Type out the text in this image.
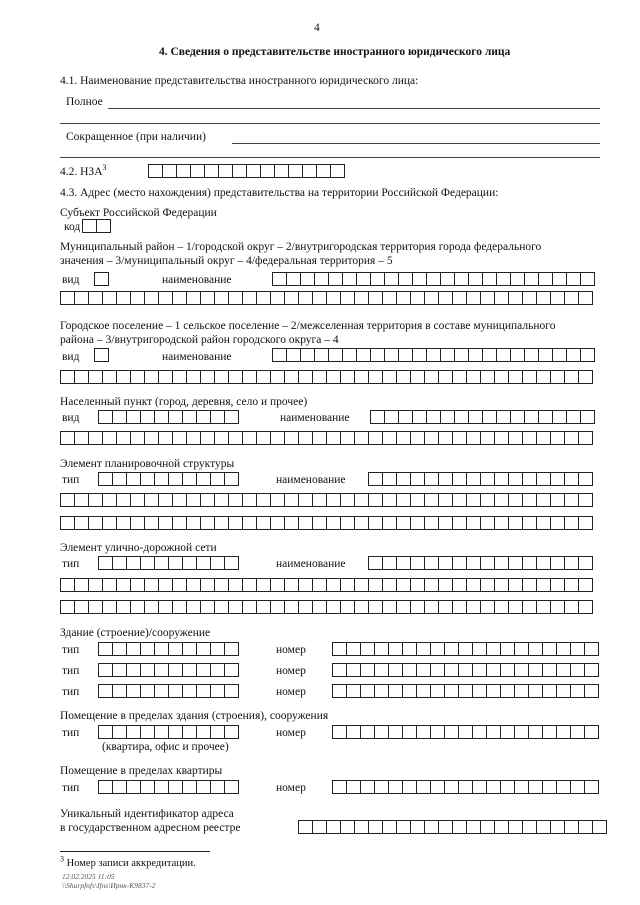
4
4. Сведения о представительстве иностранного юридического лица
4.1. Наименование представительства иностранного юридического лица:
Полное
Сокращенное (при наличии)
4.2. НЗА$^3$
4.3. Адрес (место нахождения) представительства на территории Российской Федерации:
Субъект Российской Федерации
код
Муниципальный район – 1/городской округ – 2/внутригородская территория города федерального
значения – 3/муниципальный округ – 4/федеральная территория – 5
вид	наименование
Городское поселение – 1 сельское поселение – 2/межселенная территория в составе муниципального
района – 3/внутригородской район городского округа – 4
вид	наименование
Населенный пункт (город, деревня, село и прочее)
вид	наименование
Элемент планировочной структуры
тип	наименование
Элемент улично-дорожной сети
тип	наименование
Здание (строение)/сооружение
тип	номер
тип	номер
тип	номер
Помещение в пределах здания (строения), сооружения
тип	номер
(квартира, офис и прочее)
Помещение в пределах квартиры
тип	номер
Уникальный идентификатор адреса
в государственном адресном реестре
$^3$ Номер записи аккредитации.
12.02.2025 11:05
\\Sharpfnfs\Ifns\Ирнк-К9837-2
